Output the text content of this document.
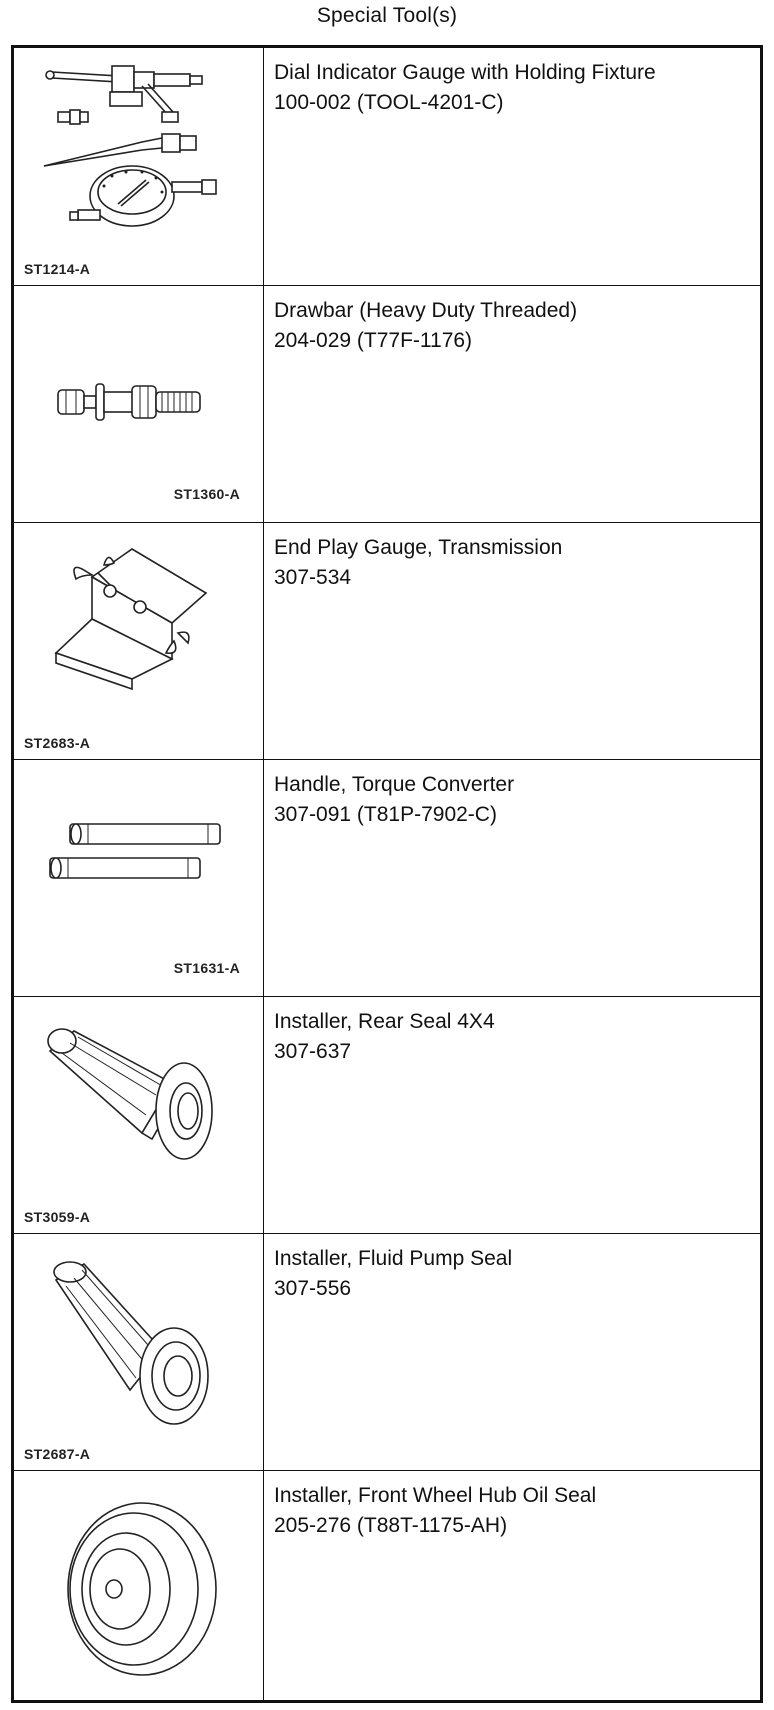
Special Tool(s)
ST1214-A
Dial Indicator Gauge with Holding Fixture
100-002 (TOOL-4201-C)
ST1360-A
Drawbar (Heavy Duty Threaded)
204-029 (T77F-1176)
ST2683-A
End Play Gauge, Transmission
307-534
ST1631-A
Handle, Torque Converter
307-091 (T81P-7902-C)
ST3059-A
Installer, Rear Seal 4X4
307-637
ST2687-A
Installer, Fluid Pump Seal
307-556
Installer, Front Wheel Hub Oil Seal
205-276 (T88T-1175-AH)
